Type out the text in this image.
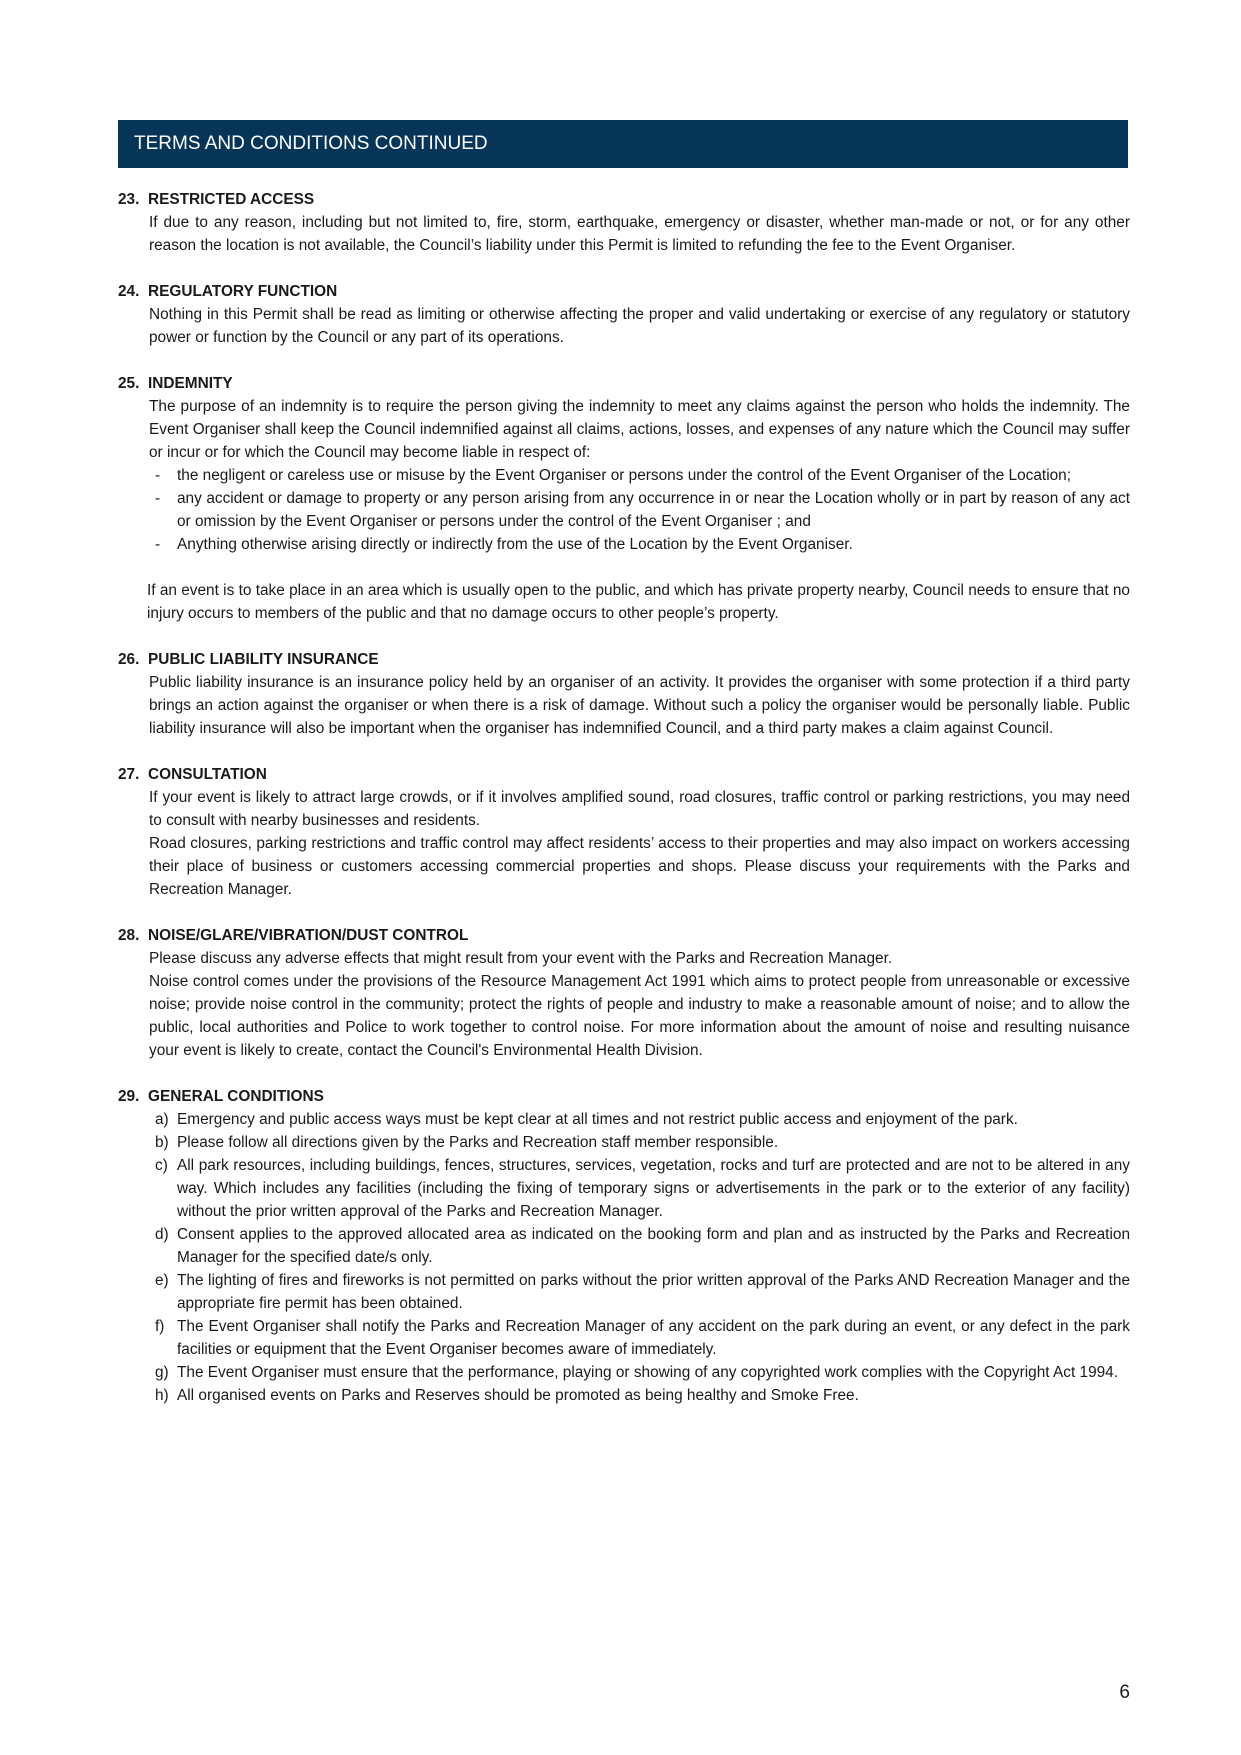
TERMS AND CONDITIONS CONTINUED
23. RESTRICTED ACCESS

If due to any reason, including but not limited to, fire, storm, earthquake, emergency or disaster, whether man-made or not, or for any other reason the location is not available, the Council’s liability under this Permit is limited to refunding the fee to the Event Organiser.

24. REGULATORY FUNCTION

Nothing in this Permit shall be read as limiting or otherwise affecting the proper and valid undertaking or exercise of any regulatory or statutory power or function by the Council or any part of its operations.

25. INDEMNITY

The purpose of an indemnity is to require the person giving the indemnity to meet any claims against the person who holds the indemnity. The Event Organiser shall keep the Council indemnified against all claims, actions, losses, and expenses of any nature which the Council may suffer or incur or for which the Council may become liable in respect of:

- the negligent or careless use or misuse by the Event Organiser or persons under the control of the Event Organiser of the Location;
- any accident or damage to property or any person arising from any occurrence in or near the Location wholly or in part by reason of any act or omission by the Event Organiser or persons under the control of the Event Organiser ; and
- Anything otherwise arising directly or indirectly from the use of the Location by the Event Organiser.

If an event is to take place in an area which is usually open to the public, and which has private property nearby, Council needs to ensure that no injury occurs to members of the public and that no damage occurs to other people’s property.

26. PUBLIC LIABILITY INSURANCE

Public liability insurance is an insurance policy held by an organiser of an activity. It provides the organiser with some protection if a third party brings an action against the organiser or when there is a risk of damage. Without such a policy the organiser would be personally liable. Public liability insurance will also be important when the organiser has indemnified Council, and a third party makes a claim against Council.

27. CONSULTATION

If your event is likely to attract large crowds, or if it involves amplified sound, road closures, traffic control or parking restrictions, you may need to consult with nearby businesses and residents.

Road closures, parking restrictions and traffic control may affect residents’ access to their properties and may also impact on workers accessing their place of business or customers accessing commercial properties and shops. Please discuss your requirements with the Parks and Recreation Manager.

28. NOISE/GLARE/VIBRATION/DUST CONTROL

Please discuss any adverse effects that might result from your event with the Parks and Recreation Manager.

Noise control comes under the provisions of the Resource Management Act 1991 which aims to protect people from unreasonable or excessive noise; provide noise control in the community; protect the rights of people and industry to make a reasonable amount of noise; and to allow the public, local authorities and Police to work together to control noise. For more information about the amount of noise and resulting nuisance your event is likely to create, contact the Council's Environmental Health Division.

29. GENERAL CONDITIONS
a) Emergency and public access ways must be kept clear at all times and not restrict public access and enjoyment of the park.
b) Please follow all directions given by the Parks and Recreation staff member responsible.
c) All park resources, including buildings, fences, structures, services, vegetation, rocks and turf are protected and are not to be altered in any way. Which includes any facilities (including the fixing of temporary signs or advertisements in the park or to the exterior of any facility) without the prior written approval of the Parks and Recreation Manager.
d) Consent applies to the approved allocated area as indicated on the booking form and plan and as instructed by the Parks and Recreation Manager for the specified date/s only.
e) The lighting of fires and fireworks is not permitted on parks without the prior written approval of the Parks AND Recreation Manager and the appropriate fire permit has been obtained.
f) The Event Organiser shall notify the Parks and Recreation Manager of any accident on the park during an event, or any defect in the park facilities or equipment that the Event Organiser becomes aware of immediately.
g) The Event Organiser must ensure that the performance, playing or showing of any copyrighted work complies with the Copyright Act 1994.
h) All organised events on Parks and Reserves should be promoted as being healthy and Smoke Free.
6
